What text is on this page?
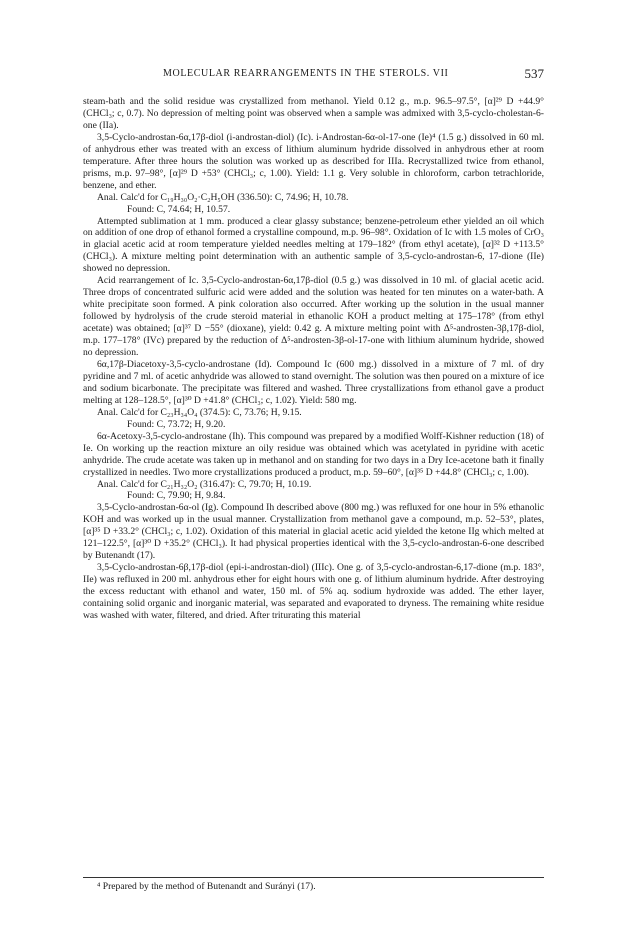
MOLECULAR REARRANGEMENTS IN THE STEROLS. VII	537

steam-bath and the solid residue was crystallized from methanol. Yield 0.12 g., m.p. 96.5–97.5°, [α]²⁹ D +44.9° (CHCl₃; c, 0.7). No depression of melting point was observed when a sample was admixed with 3,5-cyclo-cholestan-6-one (IIa).

3,5-Cyclo-androstan-6α,17β-diol (i-androstan-diol) (Ic). i-Androstan-6α-ol-17-one (Ie)⁴ (1.5 g.) dissolved in 60 ml. of anhydrous ether was treated with an excess of lithium aluminum hydride dissolved in anhydrous ether at room temperature. After three hours the solution was worked up as described for IIIa. Recrystallized twice from ethanol, prisms, m.p. 97–98°, [α]²⁹ D +53° (CHCl₃; c, 1.00). Yield: 1.1 g. Very soluble in chloroform, carbon tetrachloride, benzene, and ether.

Anal. Calc'd for C₁₉H₃₀O₂·C₂H₅OH (336.50): C, 74.96; H, 10.78.

Found: C, 74.64; H, 10.57.

Attempted sublimation at 1 mm. produced a clear glassy substance; benzene-petroleum ether yielded an oil which on addition of one drop of ethanol formed a crystalline compound, m.p. 96–98°. Oxidation of Ic with 1.5 moles of CrO₃ in glacial acetic acid at room temperature yielded needles melting at 179–182° (from ethyl acetate), [α]³² D +113.5° (CHCl₃). A mixture melting point determination with an authentic sample of 3,5-cyclo-androstan-6, 17-dione (IIe) showed no depression.

Acid rearrangement of Ic. 3,5-Cyclo-androstan-6α,17β-diol (0.5 g.) was dissolved in 10 ml. of glacial acetic acid. Three drops of concentrated sulfuric acid were added and the solution was heated for ten minutes on a water-bath. A white precipitate soon formed. A pink coloration also occurred. After working up the solution in the usual manner followed by hydrolysis of the crude steroid material in ethanolic KOH a product melting at 175–178° (from ethyl acetate) was obtained; [α]³⁷ D −55° (dioxane), yield: 0.42 g. A mixture melting point with Δ⁵-androsten-3β,17β-diol, m.p. 177–178° (IVc) prepared by the reduction of Δ⁵-androsten-3β-ol-17-one with lithium aluminum hydride, showed no depression.

6α,17β-Diacetoxy-3,5-cyclo-androstane (Id). Compound Ic (600 mg.) dissolved in a mixture of 7 ml. of dry pyridine and 7 ml. of acetic anhydride was allowed to stand overnight. The solution was then poured on a mixture of ice and sodium bicarbonate. The precipitate was filtered and washed. Three crystallizations from ethanol gave a product melting at 128–128.5°, [α]³⁰ D +41.8° (CHCl₃; c, 1.02). Yield: 580 mg.

Anal. Calc'd for C₂₃H₃₄O₄ (374.5): C, 73.76; H, 9.15.

Found: C, 73.72; H, 9.20.

6α-Acetoxy-3,5-cyclo-androstane (Ih). This compound was prepared by a modified Wolff-Kishner reduction (18) of Ie. On working up the reaction mixture an oily residue was obtained which was acetylated in pyridine with acetic anhydride. The crude acetate was taken up in methanol and on standing for two days in a Dry Ice-acetone bath it finally crystallized in needles. Two more crystallizations produced a product, m.p. 59–60°, [α]³⁵ D +44.8° (CHCl₃; c, 1.00).

Anal. Calc'd for C₂₁H₃₂O₂ (316.47): C, 79.70; H, 10.19.

Found: C, 79.90; H, 9.84.

3,5-Cyclo-androstan-6α-ol (Ig). Compound Ih described above (800 mg.) was refluxed for one hour in 5% ethanolic KOH and was worked up in the usual manner. Crystallization from methanol gave a compound, m.p. 52–53°, plates, [α]³⁵ D +33.2° (CHCl₃; c, 1.02). Oxidation of this material in glacial acetic acid yielded the ketone IIg which melted at 121–122.5°, [α]³⁰ D +35.2° (CHCl₃). It had physical properties identical with the 3,5-cyclo-androstan-6-one described by Butenandt (17).

3,5-Cyclo-androstan-6β,17β-diol (epi-i-androstan-diol) (IIIc). One g. of 3,5-cyclo-androstan-6,17-dione (m.p. 183°, IIe) was refluxed in 200 ml. anhydrous ether for eight hours with one g. of lithium aluminum hydride. After destroying the excess reductant with ethanol and water, 150 ml. of 5% aq. sodium hydroxide was added. The ether layer, containing solid organic and inorganic material, was separated and evaporated to dryness. The remaining white residue was washed with water, filtered, and dried. After triturating this material

⁴ Prepared by the method of Butenandt and Surányi (17).
